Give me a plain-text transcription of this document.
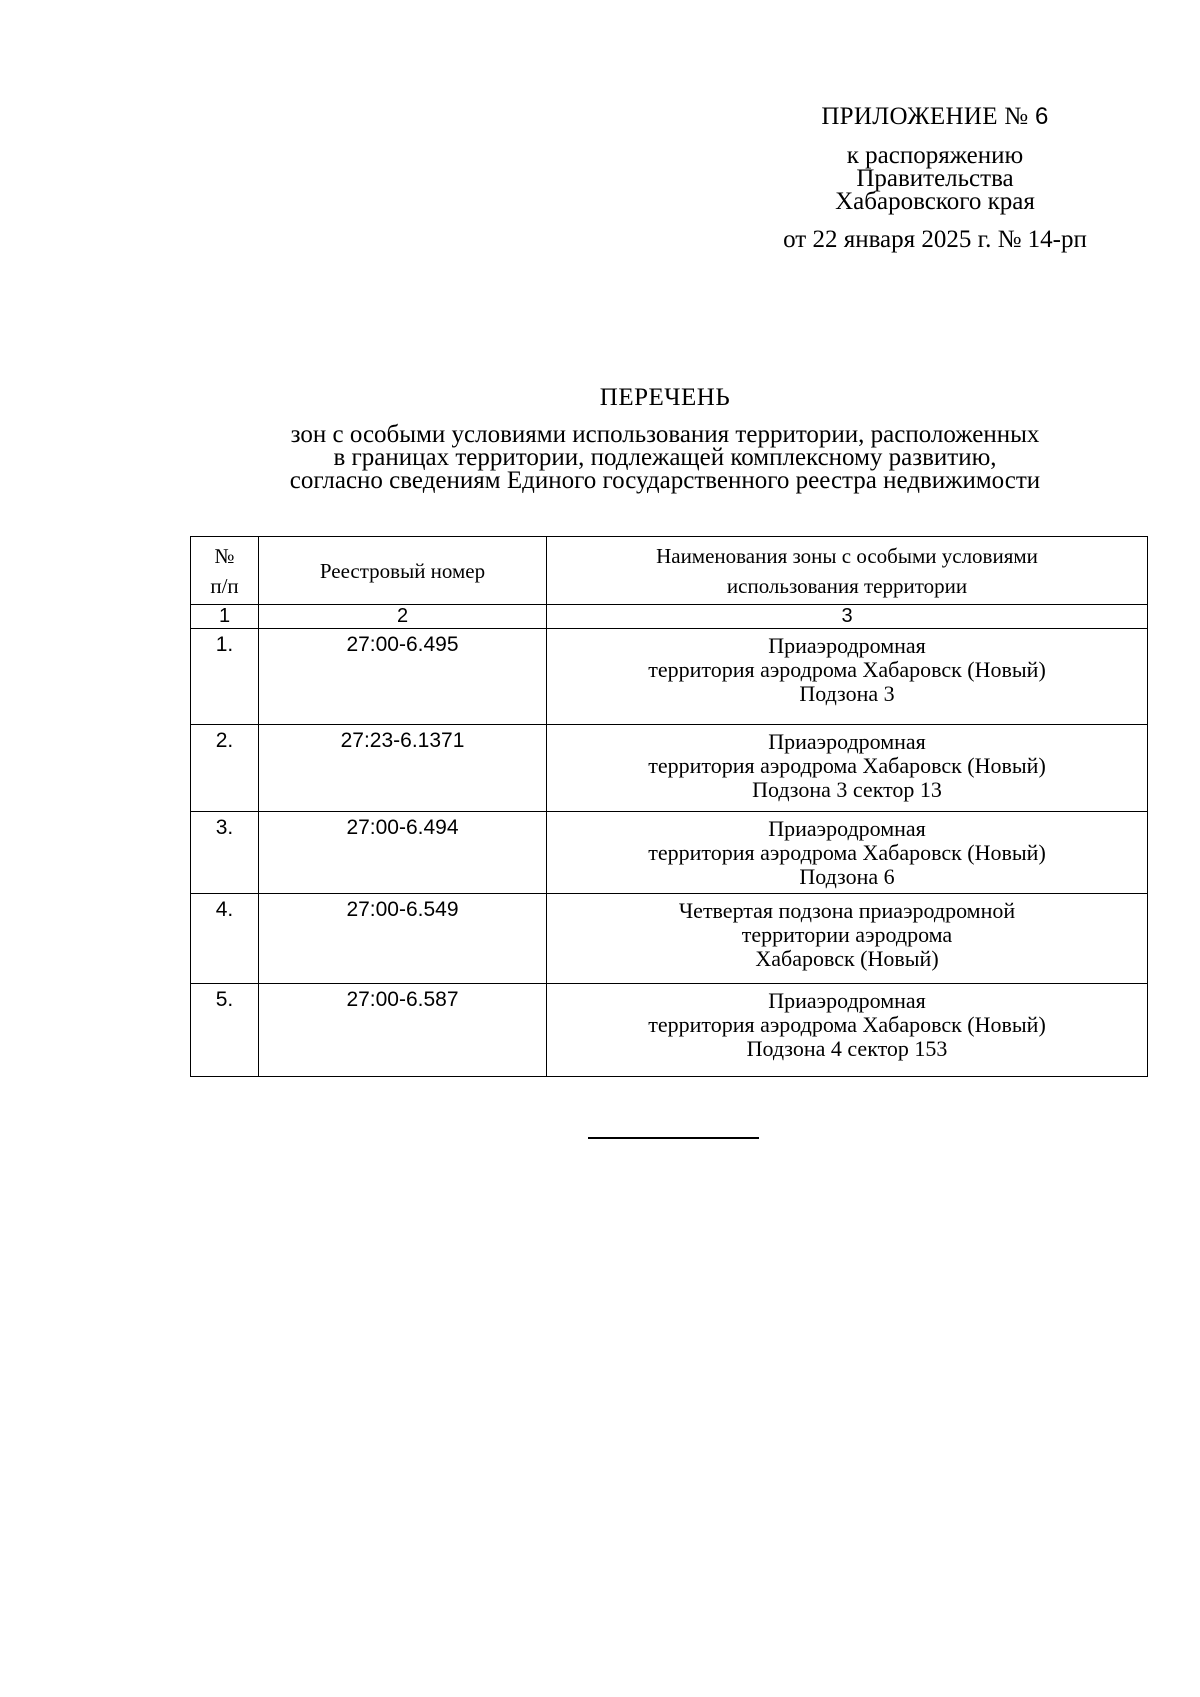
ПРИЛОЖЕНИЕ № 6
к распоряжению
Правительства
Хабаровского края
от 22 января 2025 г. № 14-рп
ПЕРЕЧЕНЬ
зон с особыми условиями использования территории, расположенных
в границах территории, подлежащей комплексному развитию,
согласно сведениям Единого государственного реестра недвижимости
№
п/п	Реестровый номер	Наименования зоны с особыми условиями
использования территории

1	2	3
1.	27:00-6.495	Приаэродромная
территория аэродрома Хабаровск (Новый)
Подзона 3

2.	27:23-6.1371	Приаэродромная
территория аэродрома Хабаровск (Новый)
Подзона 3 сектор 13

3.	27:00-6.494	Приаэродромная
территория аэродрома Хабаровск (Новый)
Подзона 6

4.	27:00-6.549	Четвертая подзона приаэродромной
территории аэродрома
Хабаровск (Новый)

5.	27:00-6.587	Приаэродромная
территория аэродрома Хабаровск (Новый)
Подзона 4 сектор 153
